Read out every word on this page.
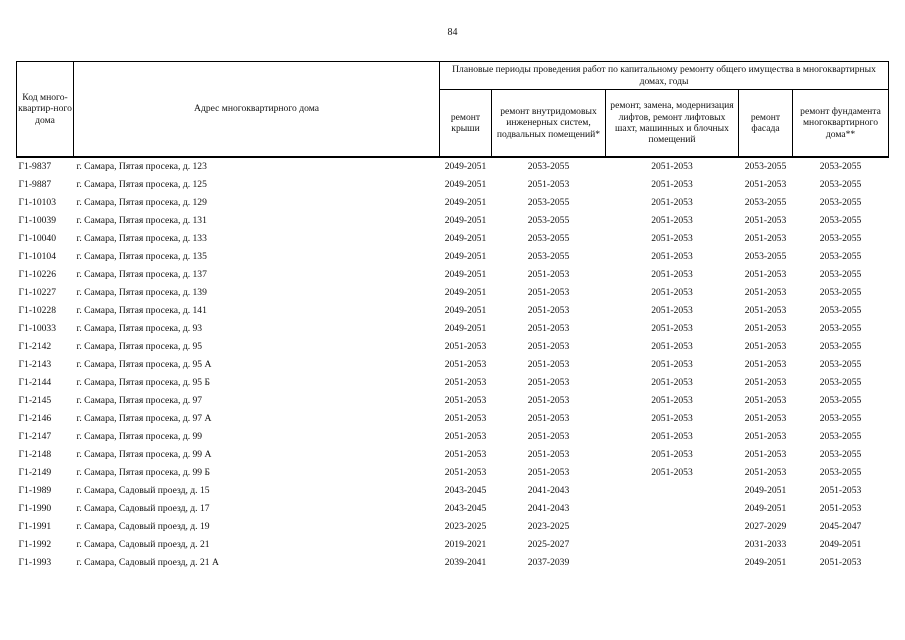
84
Код много-квартир-ного дома	Адрес многоквартирного дома	Плановые периоды проведения работ по капитальному ремонту общего имущества в многоквартирных домах, годы				
		ремонт крыши	ремонт внутридомовых инженерных систем, подвальных помещений*	ремонт, замена, модернизация лифтов, ремонт лифтовых шахт, машинных и блочных помещений	ремонт фасада	ремонт фундамента многоквартирного дома**
Г1-9837	г. Самара, Пятая просека, д. 123	2049-2051	2053-2055	2051-2053	2053-2055	2053-2055
Г1-9887	г. Самара, Пятая просека, д. 125	2049-2051	2051-2053	2051-2053	2051-2053	2053-2055
Г1-10103	г. Самара, Пятая просека, д. 129	2049-2051	2053-2055	2051-2053	2053-2055	2053-2055
Г1-10039	г. Самара, Пятая просека, д. 131	2049-2051	2053-2055	2051-2053	2051-2053	2053-2055
Г1-10040	г. Самара, Пятая просека, д. 133	2049-2051	2053-2055	2051-2053	2051-2053	2053-2055
Г1-10104	г. Самара, Пятая просека, д. 135	2049-2051	2053-2055	2051-2053	2053-2055	2053-2055
Г1-10226	г. Самара, Пятая просека, д. 137	2049-2051	2051-2053	2051-2053	2051-2053	2053-2055
Г1-10227	г. Самара, Пятая просека, д. 139	2049-2051	2051-2053	2051-2053	2051-2053	2053-2055
Г1-10228	г. Самара, Пятая просека, д. 141	2049-2051	2051-2053	2051-2053	2051-2053	2053-2055
Г1-10033	г. Самара, Пятая просека, д. 93	2049-2051	2051-2053	2051-2053	2051-2053	2053-2055
Г1-2142	г. Самара, Пятая просека, д. 95	2051-2053	2051-2053	2051-2053	2051-2053	2053-2055
Г1-2143	г. Самара, Пятая просека, д. 95 А	2051-2053	2051-2053	2051-2053	2051-2053	2053-2055
Г1-2144	г. Самара, Пятая просека, д. 95 Б	2051-2053	2051-2053	2051-2053	2051-2053	2053-2055
Г1-2145	г. Самара, Пятая просека, д. 97	2051-2053	2051-2053	2051-2053	2051-2053	2053-2055
Г1-2146	г. Самара, Пятая просека, д. 97 А	2051-2053	2051-2053	2051-2053	2051-2053	2053-2055
Г1-2147	г. Самара, Пятая просека, д. 99	2051-2053	2051-2053	2051-2053	2051-2053	2053-2055
Г1-2148	г. Самара, Пятая просека, д. 99 А	2051-2053	2051-2053	2051-2053	2051-2053	2053-2055
Г1-2149	г. Самара, Пятая просека, д. 99 Б	2051-2053	2051-2053	2051-2053	2051-2053	2053-2055
Г1-1989	г. Самара, Садовый проезд, д. 15	2043-2045	2041-2043		2049-2051	2051-2053
Г1-1990	г. Самара, Садовый проезд, д. 17	2043-2045	2041-2043		2049-2051	2051-2053
Г1-1991	г. Самара, Садовый проезд, д. 19	2023-2025	2023-2025		2027-2029	2045-2047
Г1-1992	г. Самара, Садовый проезд, д. 21	2019-2021	2025-2027		2031-2033	2049-2051
Г1-1993	г. Самара, Садовый проезд, д. 21 А	2039-2041	2037-2039		2049-2051	2051-2053
